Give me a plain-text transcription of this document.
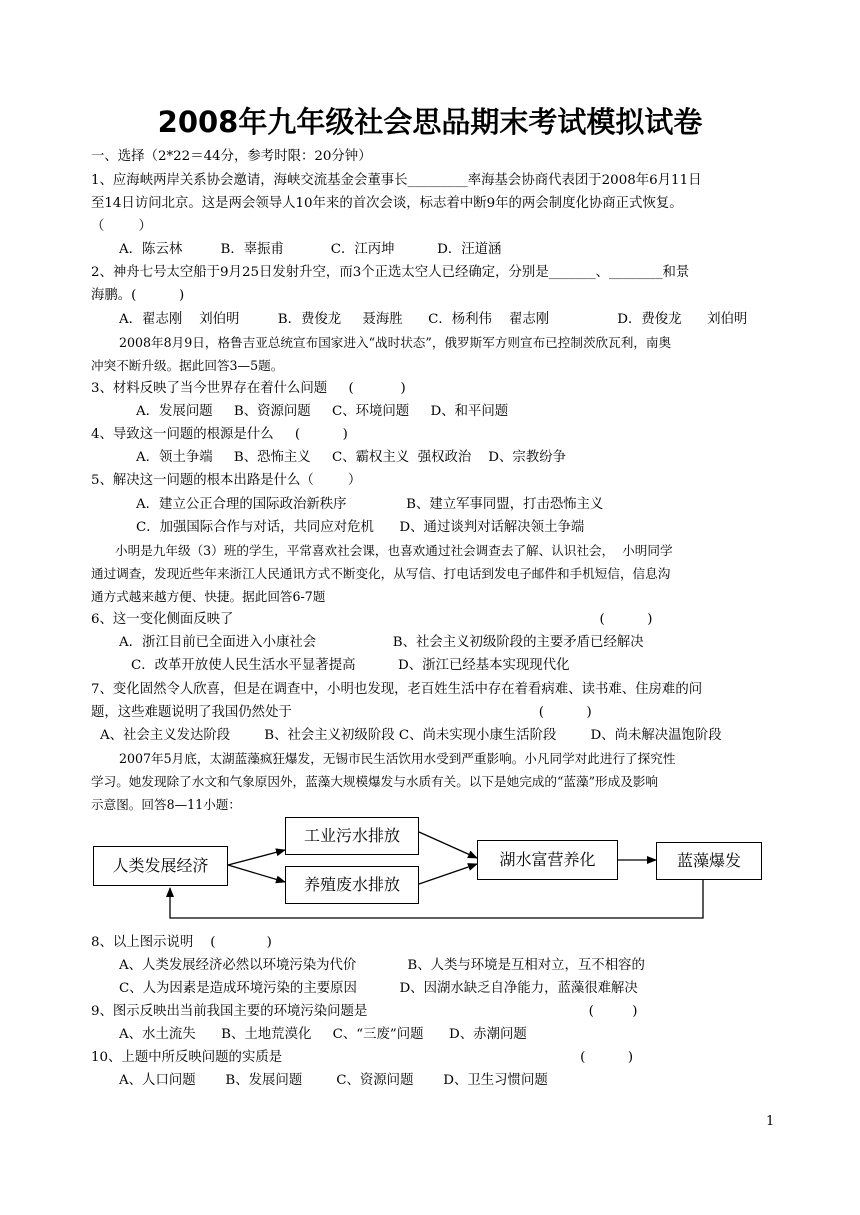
2008年九年级社会思品期末考试模拟试卷
一、选择（2*22＝44分，参考时限：20分钟）
1、应海峡两岸关系协会邀请，海峡交流基金会董事长_________率海基会协商代表团于2008年6月11日
至14日访问北京。这是两会领导人10年来的首次会谈，标志着中断9年的两会制度化协商正式恢复。
（        ）
A．陈云林         B．辜振甫           C．江丙坤          D．汪道涵
2、神舟七号太空船于9月25日发射升空，而3个正选太空人已经确定，分别是_______、________和景
海鹏。(          )
A．翟志刚    刘伯明         B．费俊龙     聂海胜      C．杨利伟    翟志刚                D．费俊龙      刘伯明
2008年8月9日，格鲁吉亚总统宣布国家进入“战时状态”，俄罗斯军方则宣布已控制茨欣瓦利，南奥
冲突不断升级。据此回答3—5题。
3、材料反映了当今世界存在着什么问题     (           )
A．发展问题     B、资源问题     C、环境问题     D、和平问题
4、导致这一问题的根源是什么     (          )
A．领土争端     B、恐怖主义     C、霸权主义  强权政治    D、宗教纷争
5、解决这一问题的根本出路是什么（        ）
A．建立公正合理的国际政治新秩序              B、建立军事同盟，打击恐怖主义
C．加强国际合作与对话，共同应对危机      D、通过谈判对话解决领土争端
小明是九年级（3）班的学生，平常喜欢社会课，也喜欢通过社会调查去了解、认识社会，  小明同学
通过调查，发现近些年来浙江人民通讯方式不断变化，从写信、打电话到发电子邮件和手机短信，信息沟
通方式越来越方便、快捷。据此回答6-7题
6、这一变化侧面反映了                                                                                      (          )
A．浙江目前已全面进入小康社会                  B、社会主义初级阶段的主要矛盾已经解决
C．改革开放使人民生活水平显著提高          D、浙江已经基本实现现代化
7、变化固然令人欣喜，但是在调查中，小明也发现，老百姓生活中存在着看病难、读书难、住房难的问
题，这些难题说明了我国仍然处于                                                          (          )
A、社会主义发达阶段        B、社会主义初级阶段 C、尚未实现小康生活阶段        D、尚未解决温饱阶段
2007年5月底，太湖蓝藻疯狂爆发，无锡市民生活饮用水受到严重影响。小凡同学对此进行了探究性
学习。她发现除了水文和气象原因外，蓝藻大规模爆发与水质有关。以下是她完成的“蓝藻”形成及影响
示意图。回答8—11小题：
人类发展经济
工业污水排放
养殖废水排放
湖水富营养化	蓝藻爆发
8、以上图示说明    (            )
A、人类发展经济必然以环境污染为代价            B、人类与环境是互相对立，互不相容的
C、人为因素是造成环境污染的主要原因          D、因湖水缺乏自净能力，蓝藻很难解决
9、图示反映出当前我国主要的环境污染问题是                                                    (         )
A、水土流失      B、土地荒漠化     C、“三废”问题      D、赤潮问题
10、上题中所反映问题的实质是                                                                      (          )
A、人口问题       B、发展问题        C、资源问题       D、卫生习惯问题
1
